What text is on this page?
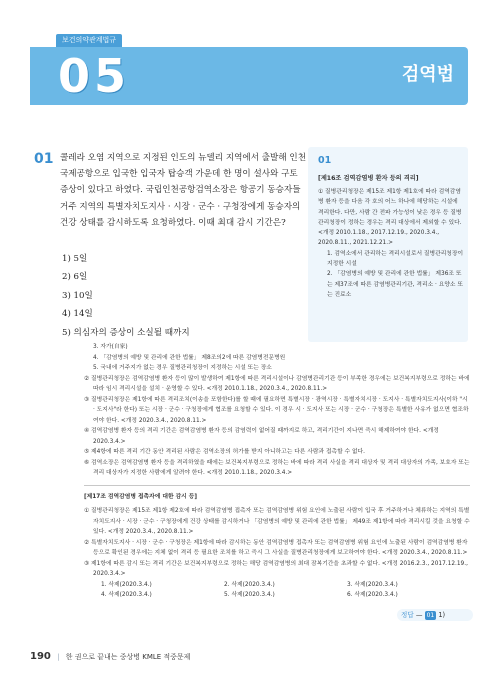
보건의약관계법규
05	검역법
01 콜레라 오염 지역으로 지정된 인도의 뉴델리 지역에서 출발해 인천국제공항으로 입국한 입국자 탑승객 가운데 한 명이 설사와 구토 증상이 있다고 하였다. 국립인천공항검역소장은 항공기 동승자들 거주 지역의 특별자치도지사 · 시장 · 군수 · 구청장에게 동승자의 건강 상태를 감시하도록 요청하였다. 이때 최대 감시 기간은?
1) 5일
2) 6일
3) 10일
4) 14일
5) 의심자의 증상이 소실될 때까지
01
[제16조 검역감염병 환자 등의 격리]
① 질병관리청장은 제15조 제1항 제1호에 따라 검역감염병 환자 등을 다음 각 호의 어느 하나에 해당하는 시설에 격리한다. 다만, 사람 간 전파 가능성이 낮은 경우 등 질병관리청장이 정하는 경우는 격리 대상에서 제외할 수 있다. <개정 2010.1.18., 2017.12.19., 2020.3.4., 2020.8.11., 2021.12.21.>
1. 검역소에서 관리하는 격리시설로서 질병관리청장이 지정한 시설
2. 「감염병의 예방 및 관리에 관한 법률」 제36조 또는 제37조에 따른 감염병관리기관, 격리소 · 요양소 또는 진료소
3. 자가(自家)
4. 「감염병의 예방 및 관리에 관한 법률」 제8조의2에 따른 감염병전문병원
5. 국내에 거주지가 없는 경우 질병관리청장이 지정하는 시설 또는 장소
② 질병관리청장은 검역감염병 환자 등이 많이 발생하여 제1항에 따른 격리시설이나 감염병관리기관 등이 부족한 경우에는 보건복지부령으로 정하는 바에 따라 임시 격리시설을 설치 · 운영할 수 있다. <개정 2010.1.18., 2020.3.4., 2020.8.11.>
③ 질병관리청장은 제1항에 따른 격리조치(이송을 포함한다)를 할 때에 필요하면 특별시장 · 광역시장 · 특별자치시장 · 도지사 · 특별자치도지사(이하 "시 · 도지사"라 한다) 또는 시장 · 군수 · 구청장에게 협조를 요청할 수 있다. 이 경우 시 · 도지사 또는 시장 · 군수 · 구청장은 특별한 사유가 없으면 협조하여야 한다. <개정 2020.3.4., 2020.8.11.>
④ 검역감염병 환자 등의 격리 기간은 검역감염병 환자 등의 감염력이 없어질 때까지로 하고, 격리기간이 지나면 즉시 해제하여야 한다. <개정 2020.3.4.>
⑤ 제4항에 따른 격리 기간 동안 격리된 사람은 검역소장의 허가를 받지 아니하고는 다른 사람과 접촉할 수 없다.
⑥ 검역소장은 검역감염병 환자 등을 격리하였을 때에는 보건복지부령으로 정하는 바에 따라 격리 사실을 격리 대상자 및 격리 대상자의 가족, 보호자 또는 격리 대상자가 지정한 사람에게 알려야 한다. <개정 2010.1.18., 2020.3.4.>
[제17조 검역감염병 접촉자에 대한 감시 등]
① 질병관리청장은 제15조 제1항 제2호에 따라 검역감염병 접촉자 또는 검역감염병 위험 요인에 노출된 사람이 입국 후 거주하거나 체류하는 지역의 특별자치도지사 · 시장 · 군수 · 구청장에게 건강 상태를 감시하거나 「감염병의 예방 및 관리에 관한 법률」 제49조 제1항에 따라 격리시킬 것을 요청할 수 있다. <개정 2020.3.4., 2020.8.11.>
② 특별자치도지사 · 시장 · 군수 · 구청장은 제1항에 따라 감시하는 동안 검역감염병 접촉자 또는 검역감염병 위험 요인에 노출된 사람이 검역감염병 환자 등으로 확인된 경우에는 지체 없이 격리 등 필요한 조치를 하고 즉시 그 사실을 질병관리청장에게 보고하여야 한다. <개정 2020.3.4., 2020.8.11.>
③ 제1항에 따른 감시 또는 격리 기간은 보건복지부령으로 정하는 해당 검역감염병의 최대 잠복기간을 초과할 수 없다. <개정 2016.2.3., 2017.12.19., 2020.3.4.>
1. 삭제(2020.3.4.)	2. 삭제(2020.3.4.)	3. 삭제(2020.3.4.)
4. 삭제(2020.3.4.)	5. 삭제(2020.3.4.)	6. 삭제(2020.3.4.)
정답 — 01 1)
190 | 한 권으로 끝내는 중상병 KMLE 적중문제
